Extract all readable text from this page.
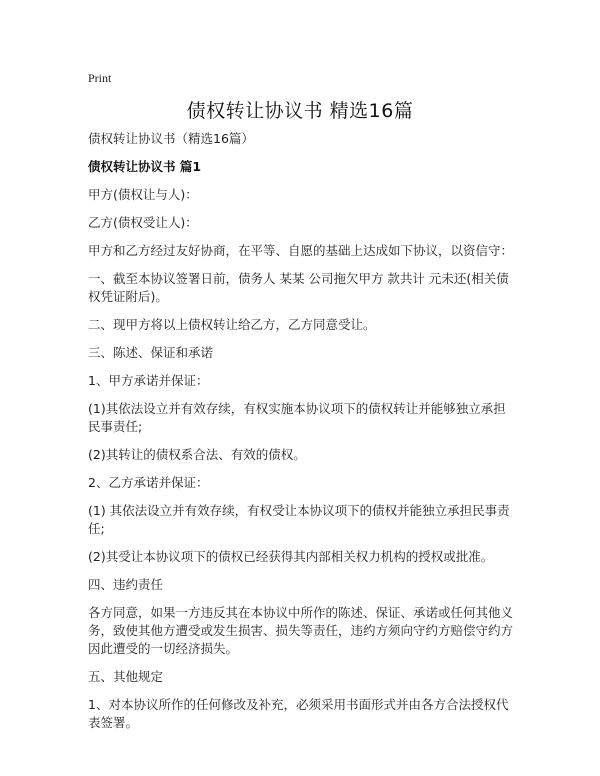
Print
债权转让协议书 精选16篇

债权转让协议书（精选16篇）

债权转让协议书 篇1

甲方(债权让与人)：

乙方(债权受让人)：

甲方和乙方经过友好协商，在平等、自愿的基础上达成如下协议，以资信守：

一、截至本协议签署日前，债务人 某某 公司拖欠甲方 款共计 元未还(相关债权凭证附后)。

二、现甲方将以上债权转让给乙方，乙方同意受让。

三、陈述、保证和承诺

1、甲方承诺并保证：

(1)其依法设立并有效存续，有权实施本协议项下的债权转让并能够独立承担民事责任;

(2)其转让的债权系合法、有效的债权。

2、乙方承诺并保证：

(1) 其依法设立并有效存续，有权受让本协议项下的债权并能独立承担民事责任;

(2)其受让本协议项下的债权已经获得其内部相关权力机构的授权或批准。

四、违约责任

各方同意，如果一方违反其在本协议中所作的陈述、保证、承诺或任何其他义务，致使其他方遭受或发生损害、损失等责任，违约方须向守约方赔偿守约方因此遭受的一切经济损失。

五、其他规定

1、对本协议所作的任何修改及补充，必须采用书面形式并由各方合法授权代表签署。
